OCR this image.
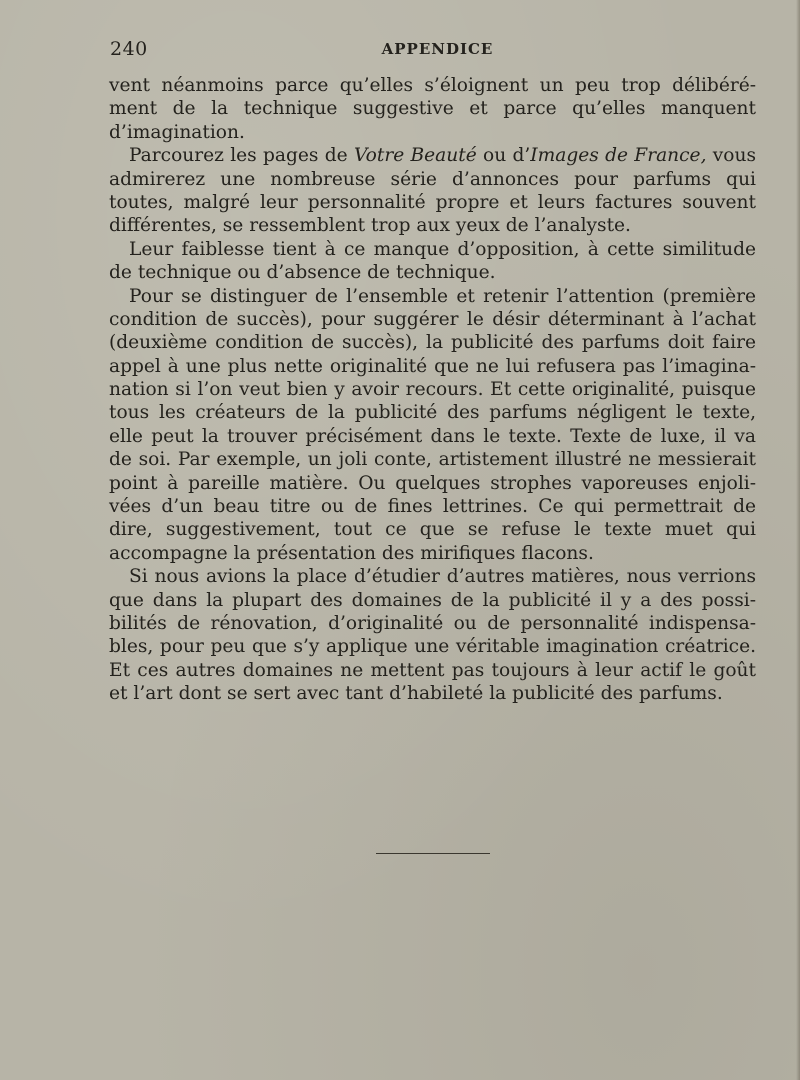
240	APPENDICE
vent néanmoins parce qu’elles s’éloignent un peu trop délibéré-
ment de la technique suggestive et parce qu’elles manquent
d’imagination.
Parcourez les pages de Votre Beauté ou d’Images de France, vous
admirerez une nombreuse série d’annonces pour parfums qui
toutes, malgré leur personnalité propre et leurs factures souvent
différentes, se ressemblent trop aux yeux de l’analyste.
Leur faiblesse tient à ce manque d’opposition, à cette similitude
de technique ou d’absence de technique.
Pour se distinguer de l’ensemble et retenir l’attention (première
condition de succès), pour suggérer le désir déterminant à l’achat
(deuxième condition de succès), la publicité des parfums doit faire
appel à une plus nette originalité que ne lui refusera pas l’imagina-
nation si l’on veut bien y avoir recours. Et cette originalité, puisque
tous les créateurs de la publicité des parfums négligent le texte,
elle peut la trouver précisément dans le texte. Texte de luxe, il va
de soi. Par exemple, un joli conte, artistement illustré ne messierait
point à pareille matière. Ou quelques strophes vaporeuses enjoli-
vées d’un beau titre ou de fines lettrines. Ce qui permettrait de
dire, suggestivement, tout ce que se refuse le texte muet qui
accompagne la présentation des mirifiques flacons.
Si nous avions la place d’étudier d’autres matières, nous verrions
que dans la plupart des domaines de la publicité il y a des possi-
bilités de rénovation, d’originalité ou de personnalité indispensa-
bles, pour peu que s’y applique une véritable imagination créatrice.
Et ces autres domaines ne mettent pas toujours à leur actif le goût
et l’art dont se sert avec tant d’habileté la publicité des parfums.
